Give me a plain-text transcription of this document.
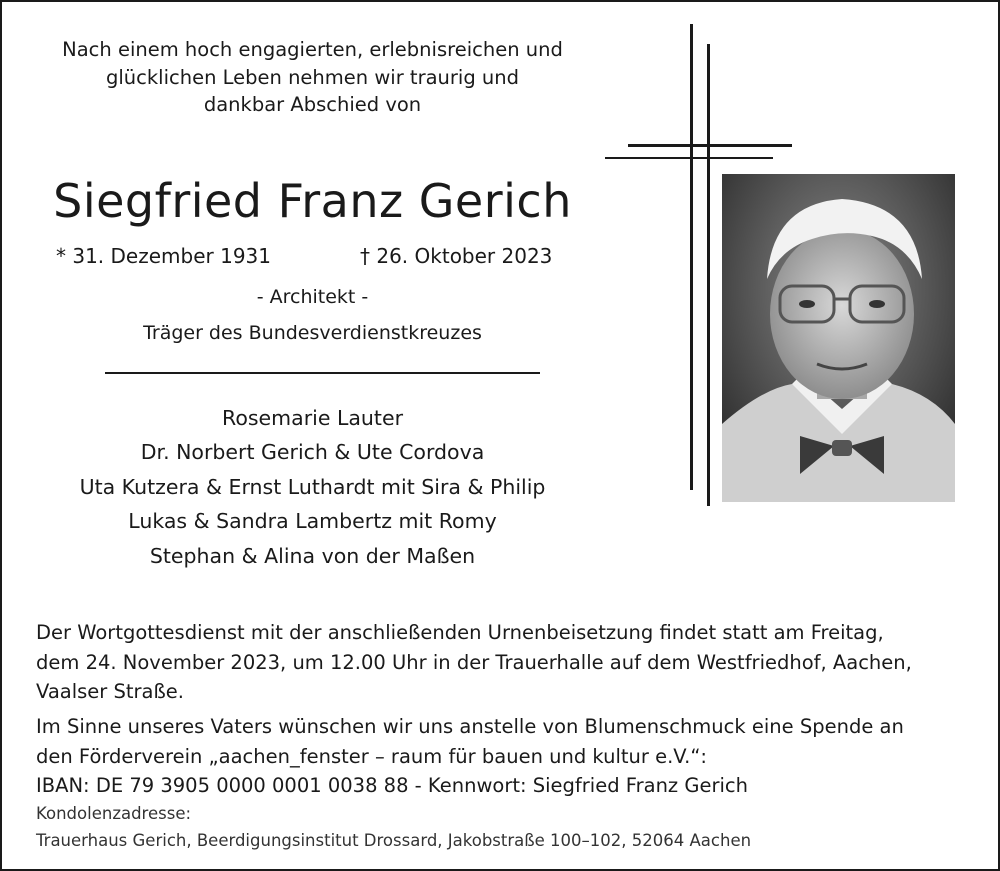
Nach einem hoch engagierten, erlebnisreichen und
glücklichen Leben nehmen wir traurig und
dankbar Abschied von
Siegfried Franz Gerich
* 31. Dezember 1931	† 26. Oktober 2023
- Architekt -
Träger des Bundesverdienstkreuzes
Rosemarie Lauter
Dr. Norbert Gerich & Ute Cordova
Uta Kutzera & Ernst Luthardt mit Sira & Philip
Lukas & Sandra Lambertz mit Romy
Stephan & Alina von der Maßen
Der Wortgottesdienst mit der anschließenden Urnenbeisetzung findet statt am Freitag,
dem 24. November 2023, um 12.00 Uhr in der Trauerhalle auf dem Westfriedhof, Aachen,
Vaalser Straße.
Im Sinne unseres Vaters wünschen wir uns anstelle von Blumenschmuck eine Spende an
den Förderverein „aachen_fenster – raum für bauen und kultur e.V.“:
IBAN: DE 79 3905 0000 0001 0038 88 - Kennwort: Siegfried Franz Gerich
Kondolenzadresse:
Trauerhaus Gerich, Beerdigungsinstitut Drossard, Jakobstraße 100–102, 52064 Aachen
